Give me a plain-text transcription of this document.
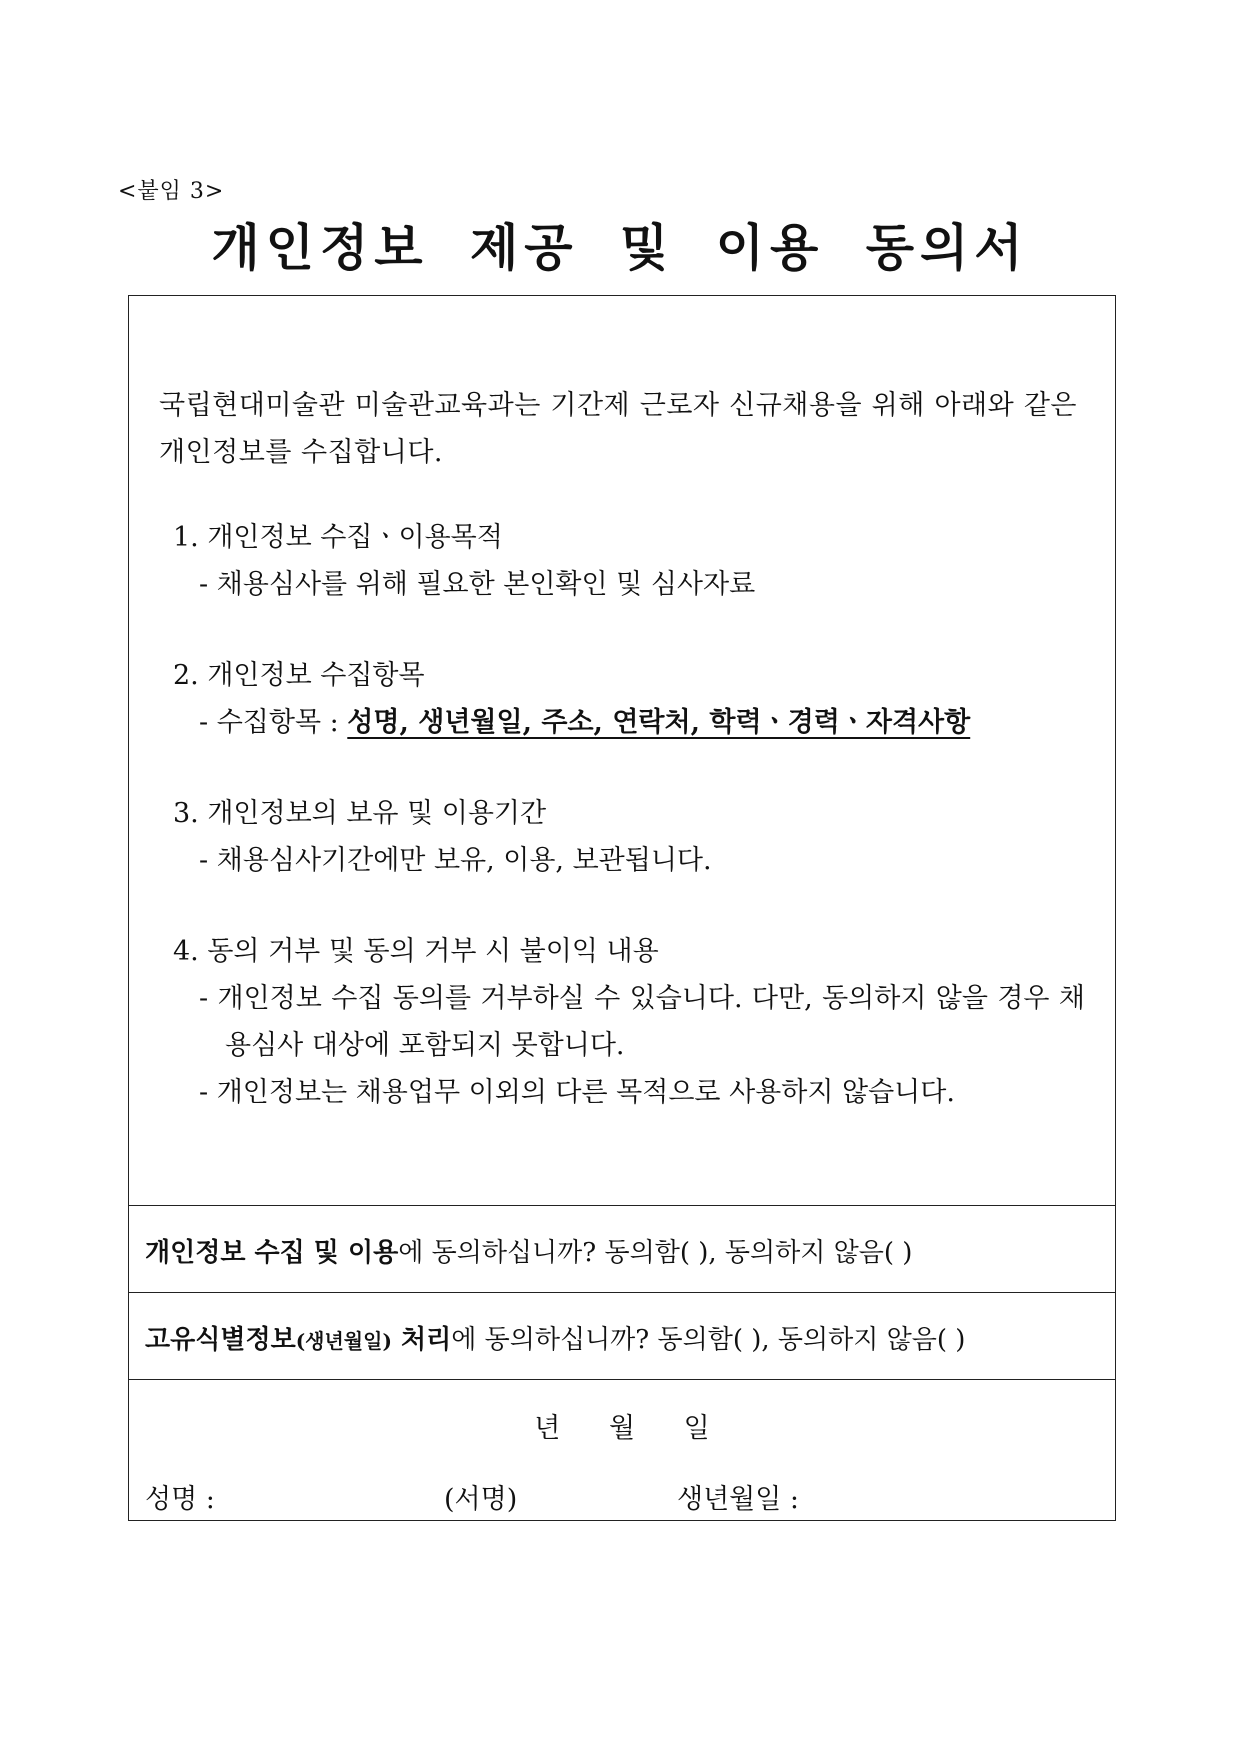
<붙임 3>
개인정보 제공 및 이용 동의서

국립현대미술관 미술관교육과는 기간제 근로자 신규채용을 위해 아래와 같은 개인정보를 수집합니다.

1. 개인정보 수집ㆍ이용목적

- 채용심사를 위해 필요한 본인확인 및 심사자료

2. 개인정보 수집항목

- 수집항목 : 성명, 생년월일, 주소, 연락처, 학력ㆍ경력ㆍ자격사항

3. 개인정보의 보유 및 이용기간

- 채용심사기간에만 보유, 이용, 보관됩니다.

4. 동의 거부 및 동의 거부 시 불이익 내용

- 개인정보 수집 동의를 거부하실 수 있습니다. 다만, 동의하지 않을 경우 채용심사 대상에 포함되지 못합니다.

- 개인정보는 채용업무 이외의 다른 목적으로 사용하지 않습니다.

개인정보 수집 및 이용에 동의하십니까? 동의함( ), 동의하지 않음( )
고유식별정보(생년월일) 처리에 동의하십니까? 동의함( ), 동의하지 않음( )
년 월 일
성명 :	(서명)	생년월일 :
